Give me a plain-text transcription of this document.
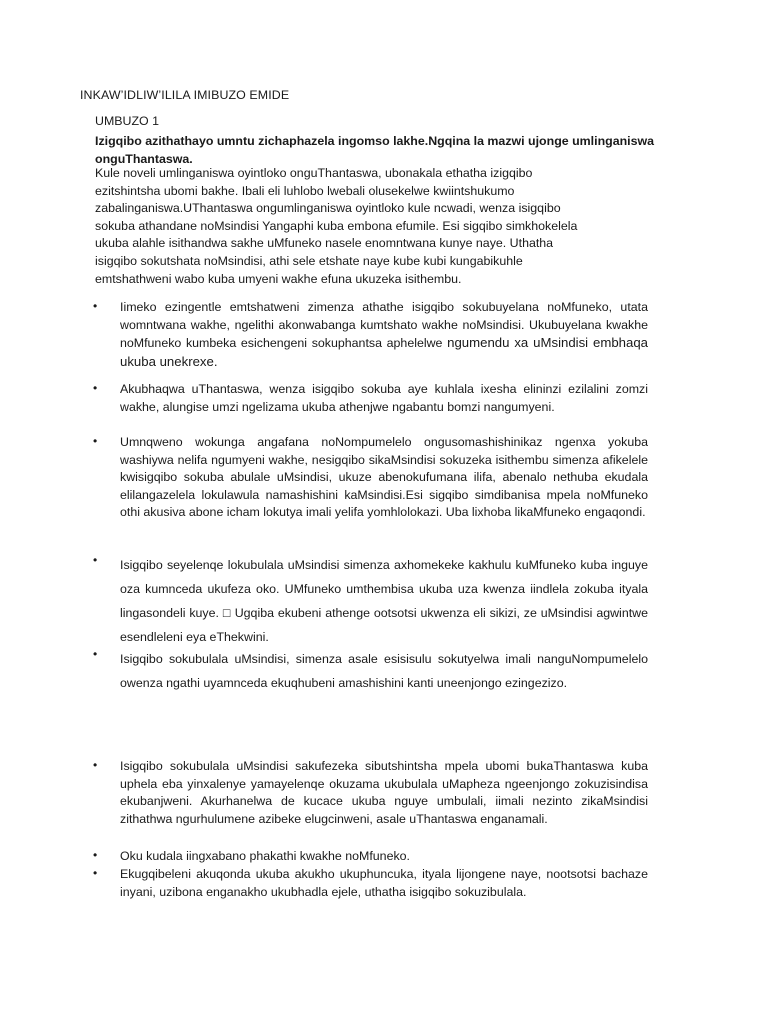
INKAW’IDLIW’ILILA IMIBUZO EMIDE
UMBUZO 1
Izigqibo azithathayo umntu zichaphazela ingomso lakhe.Ngqina la mazwi ujonge umlinganiswa onguThantaswa.
Kule noveli umlinganiswa oyintloko onguThantaswa, ubonakala ethatha izigqibo ezitshintsha ubomi bakhe. Ibali eli luhlobo lwebali olusekelwe kwiintshukumo zabalinganiswa.UThantaswa ongumlinganiswa oyintloko kule ncwadi, wenza isigqibo sokuba athandane noMsindisi Yangaphi kuba embona efumile. Esi sigqibo simkhokelela ukuba alahle isithandwa sakhe uMfuneko nasele enomntwana kunye naye. Uthatha isigqibo sokutshata noMsindisi, athi sele etshate naye kube kubi kungabikuhle emtshathweni wabo kuba umyeni wakhe efuna ukuzeka isithembu.
•	Iimeko ezingentle emtshatweni zimenza athathe isigqibo sokubuyelana noMfuneko, utata womntwana wakhe, ngelithi akonwabanga kumtshato wakhe noMsindisi. Ukubuyelana kwakhe noMfuneko kumbeka esichengeni sokuphantsa aphelelwe ngumendu xa uMsindisi embhaqa ukuba unekrexe.
•	Akubhaqwa uThantaswa, wenza isigqibo sokuba aye kuhlala ixesha elininzi ezilalini zomzi wakhe, alungise umzi ngelizama ukuba athenjwe ngabantu bomzi nangumyeni.
•	Umnqweno wokunga angafana noNompumelelo ongusomashishinikaz ngenxa yokuba washiywa nelifa ngumyeni wakhe, nesigqibo sikaMsindisi sokuzeka isithembu simenza afikelele kwisigqibo sokuba abulale uMsindisi, ukuze abenokufumana ilifa, abenalo nethuba ekudala elilangazelela lokulawula namashishini kaMsindisi.Esi sigqibo simdibanisa mpela noMfuneko othi akusiva abone icham lokutya imali yelifa yomhlolokazi. Uba lixhoba likaMfuneko engaqondi.
•	Isigqibo seyelenqe lokubulala uMsindisi simenza axhomekeke kakhulu kuMfuneko kuba inguye oza kumnceda ukufeza oko. UMfuneko umthembisa ukuba uza kwenza iindlela zokuba ityala lingasondeli kuye. □ Ugqiba ekubeni athenge ootsotsi ukwenza eli sikizi, ze uMsindisi agwintwe esendleleni eya eThekwini.
•	Isigqibo sokubulala uMsindisi, simenza asale esisisulu sokutyelwa imali nanguNompumelelo owenza ngathi uyamnceda ekuqhubeni amashishini kanti uneenjongo ezingezizo.
•	Isigqibo sokubulala uMsindisi sakufezeka sibutshintsha mpela ubomi bukaThantaswa kuba uphela eba yinxalenye yamayelenqe okuzama ukubulala uMapheza ngeenjongo zokuzisindisa ekubanjweni. Akurhanelwa de kucace ukuba nguye umbulali, iimali nezinto zikaMsindisi zithathwa ngurhulumene azibeke elugcinweni, asale uThantaswa enganamali.
•	Oku kudala iingxabano phakathi kwakhe noMfuneko.
•	Ekugqibeleni akuqonda ukuba akukho ukuphuncuka, ityala lijongene naye, nootsotsi bachaze inyani, uzibona enganakho ukubhadla ejele, uthatha isigqibo sokuzibulala.
